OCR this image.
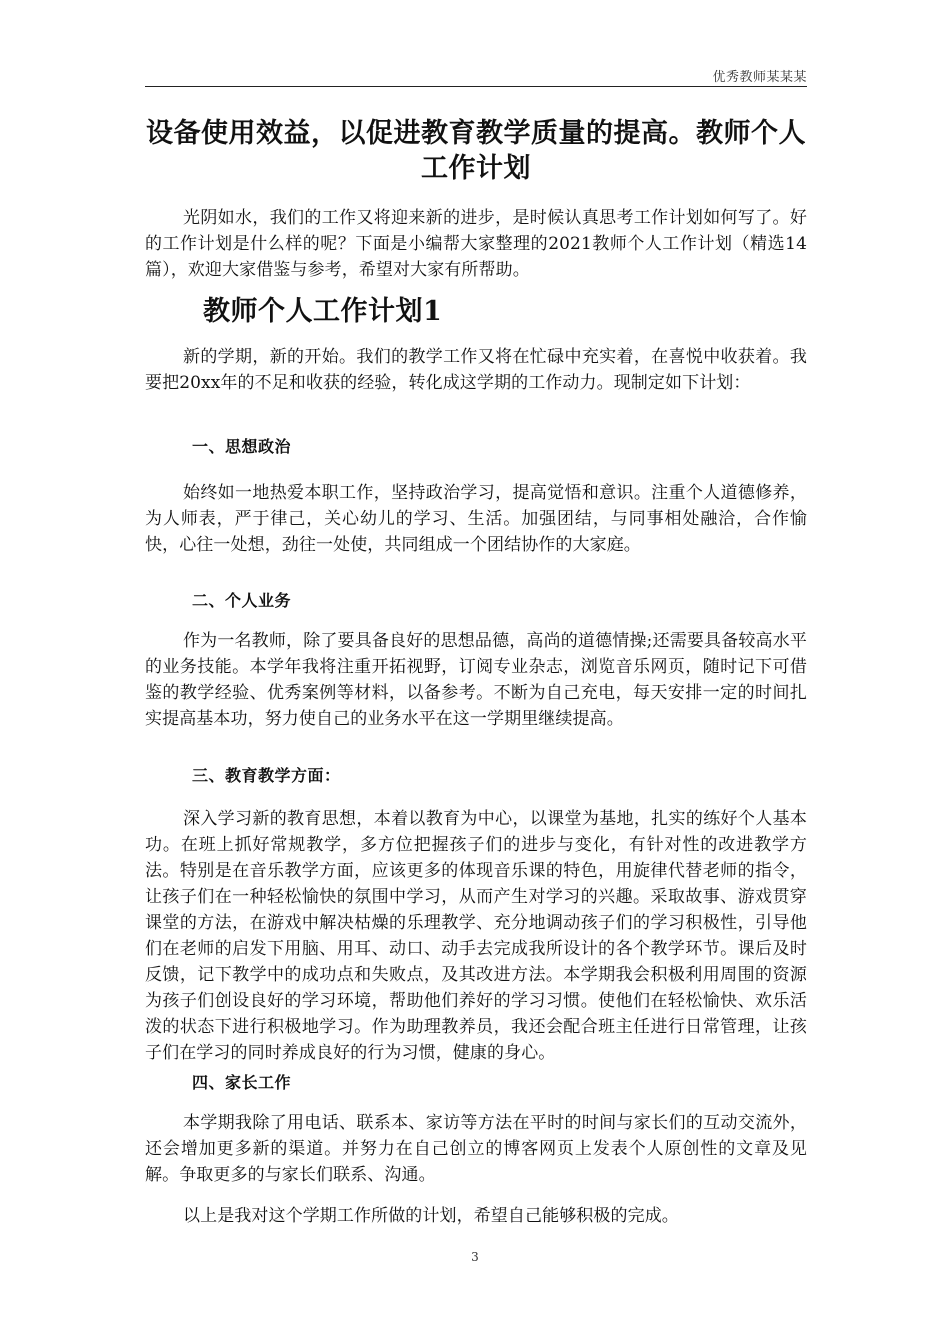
优秀教师某某某
设备使用效益，以促进教育教学质量的提高。教师个人工作计划

光阴如水，我们的工作又将迎来新的进步，是时候认真思考工作计划如何写了。好的工作计划是什么样的呢？下面是小编帮大家整理的2021教师个人工作计划（精选14篇），欢迎大家借鉴与参考，希望对大家有所帮助。

教师个人工作计划1

新的学期，新的开始。我们的教学工作又将在忙碌中充实着，在喜悦中收获着。我要把20xx年的不足和收获的经验，转化成这学期的工作动力。现制定如下计划：

一、思想政治

始终如一地热爱本职工作，坚持政治学习，提高觉悟和意识。注重个人道德修养，为人师表，严于律己，关心幼儿的学习、生活。加强团结，与同事相处融洽，合作愉快，心往一处想，劲往一处使，共同组成一个团结协作的大家庭。

二、个人业务

作为一名教师，除了要具备良好的思想品德，高尚的道德情操;还需要具备较高水平的业务技能。本学年我将注重开拓视野，订阅专业杂志，浏览音乐网页，随时记下可借鉴的教学经验、优秀案例等材料，以备参考。不断为自己充电，每天安排一定的时间扎实提高基本功，努力使自己的业务水平在这一学期里继续提高。

三、教育教学方面：

深入学习新的教育思想，本着以教育为中心，以课堂为基地，扎实的练好个人基本功。在班上抓好常规教学，多方位把握孩子们的进步与变化，有针对性的改进教学方法。特别是在音乐教学方面，应该更多的体现音乐课的特色，用旋律代替老师的指令，让孩子们在一种轻松愉快的氛围中学习，从而产生对学习的兴趣。采取故事、游戏贯穿课堂的方法，在游戏中解决枯燥的乐理教学、充分地调动孩子们的学习积极性，引导他们在老师的启发下用脑、用耳、动口、动手去完成我所设计的各个教学环节。课后及时反馈，记下教学中的成功点和失败点，及其改进方法。本学期我会积极利用周围的资源为孩子们创设良好的学习环境，帮助他们养好的学习习惯。使他们在轻松愉快、欢乐活泼的状态下进行积极地学习。作为助理教养员，我还会配合班主任进行日常管理，让孩子们在学习的同时养成良好的行为习惯，健康的身心。

四、家长工作

本学期我除了用电话、联系本、家访等方法在平时的时间与家长们的互动交流外，还会增加更多新的渠道。并努力在自己创立的博客网页上发表个人原创性的文章及见解。争取更多的与家长们联系、沟通。

以上是我对这个学期工作所做的计划，希望自己能够积极的完成。

3
